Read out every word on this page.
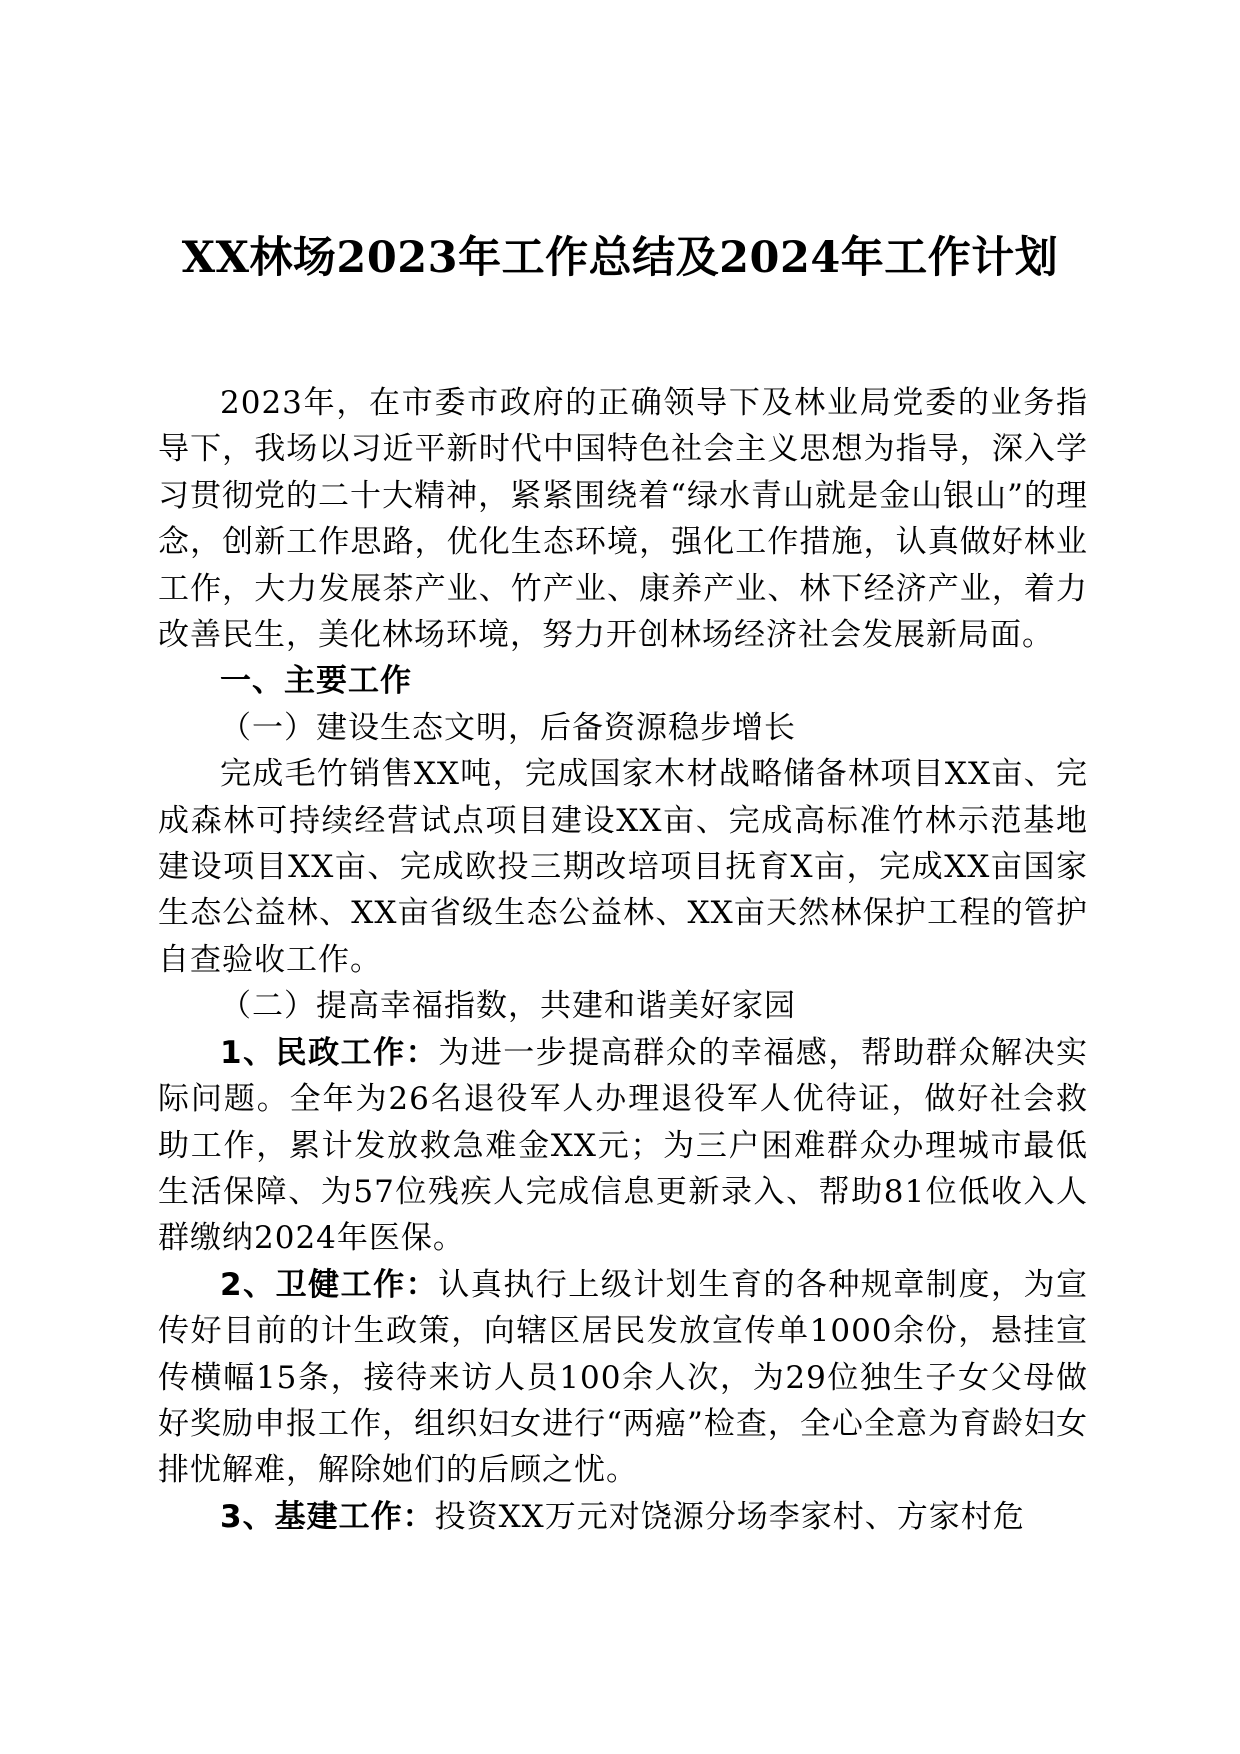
XX林场2023年工作总结及2024年工作计划

2023年，在市委市政府的正确领导下及林业局党委的业务指导下，我场以习近平新时代中国特色社会主义思想为指导，深入学习贯彻党的二十大精神，紧紧围绕着“绿水青山就是金山银山”的理念，创新工作思路，优化生态环境，强化工作措施，认真做好林业工作，大力发展茶产业、竹产业、康养产业、林下经济产业，着力改善民生，美化林场环境，努力开创林场经济社会发展新局面。

一、主要工作

（一）建设生态文明，后备资源稳步增长

完成毛竹销售XX吨，完成国家木材战略储备林项目XX亩、完成森林可持续经营试点项目建设XX亩、完成高标准竹林示范基地建设项目XX亩、完成欧投三期改培项目抚育X亩，完成XX亩国家生态公益林、XX亩省级生态公益林、XX亩天然林保护工程的管护自查验收工作。

（二）提高幸福指数，共建和谐美好家园

1、民政工作：为进一步提高群众的幸福感，帮助群众解决实际问题。全年为26名退役军人办理退役军人优待证，做好社会救助工作，累计发放救急难金XX元；为三户困难群众办理城市最低生活保障、为57位残疾人完成信息更新录入、帮助81位低收入人群缴纳2024年医保。

2、卫健工作：认真执行上级计划生育的各种规章制度，为宣传好目前的计生政策，向辖区居民发放宣传单1000余份，悬挂宣传横幅15条，接待来访人员100余人次，为29位独生子女父母做好奖励申报工作，组织妇女进行“两癌”检查，全心全意为育龄妇女排忧解难，解除她们的后顾之忧。

3、基建工作：投资XX万元对饶源分场李家村、方家村危
